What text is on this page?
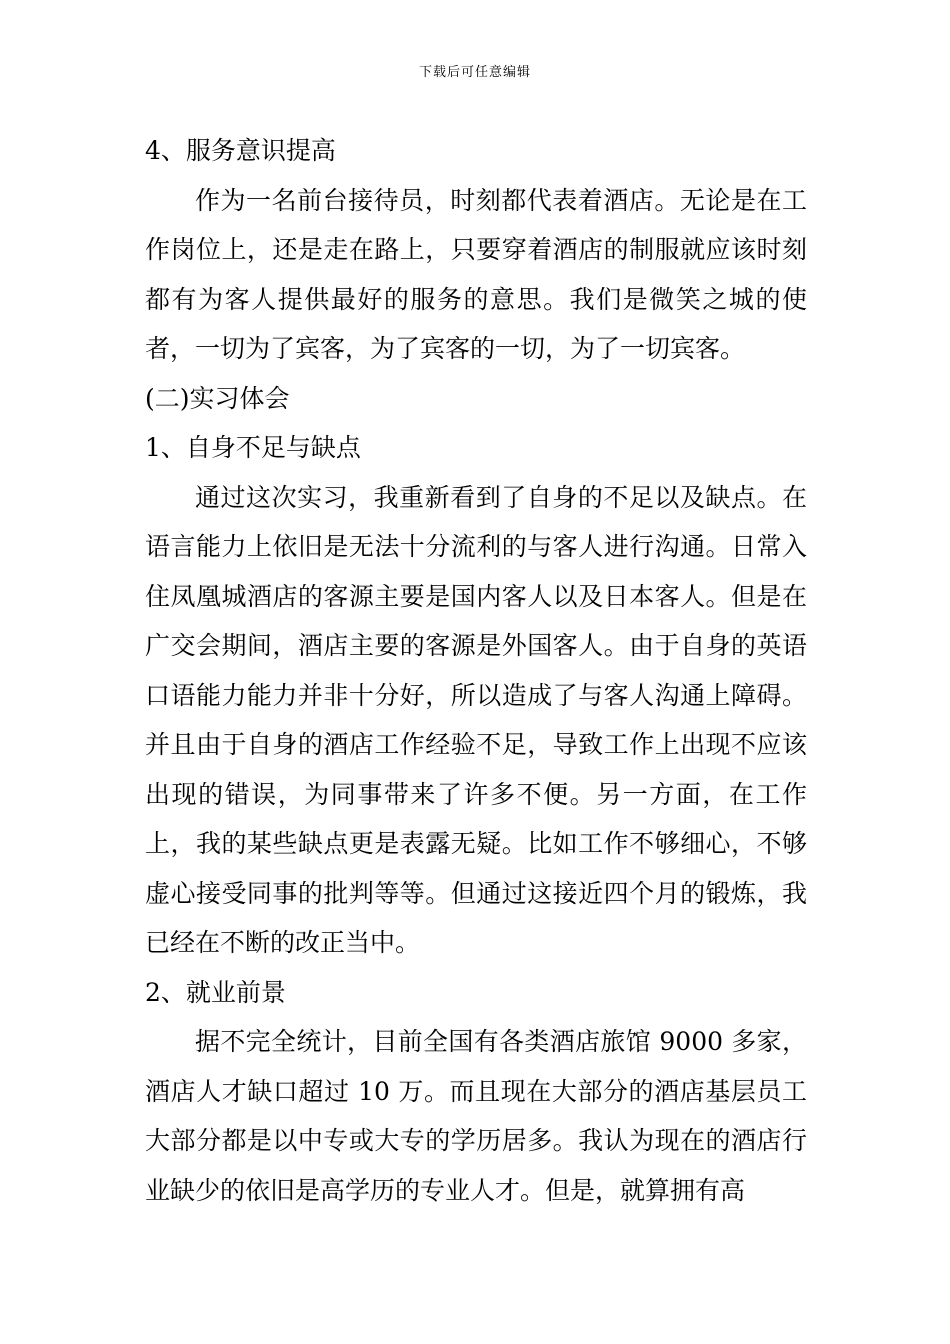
下载后可任意编辑

4、服务意识提高

作为一名前台接待员，时刻都代表着酒店。无论是在工作岗位上，还是走在路上，只要穿着酒店的制服就应该时刻都有为客人提供最好的服务的意思。我们是微笑之城的使者，一切为了宾客，为了宾客的一切，为了一切宾客。

(二)实习体会

1、自身不足与缺点

通过这次实习，我重新看到了自身的不足以及缺点。在语言能力上依旧是无法十分流利的与客人进行沟通。日常入住凤凰城酒店的客源主要是国内客人以及日本客人。但是在广交会期间，酒店主要的客源是外国客人。由于自身的英语口语能力能力并非十分好，所以造成了与客人沟通上障碍。并且由于自身的酒店工作经验不足，导致工作上出现不应该出现的错误，为同事带来了许多不便。另一方面，在工作上，我的某些缺点更是表露无疑。比如工作不够细心，不够虚心接受同事的批判等等。但通过这接近四个月的锻炼，我已经在不断的改正当中。

2、就业前景

据不完全统计，目前全国有各类酒店旅馆 9000 多家，酒店人才缺口超过 10 万。而且现在大部分的酒店基层员工大部分都是以中专或大专的学历居多。我认为现在的酒店行业缺少的依旧是高学历的专业人才。但是，就算拥有高
